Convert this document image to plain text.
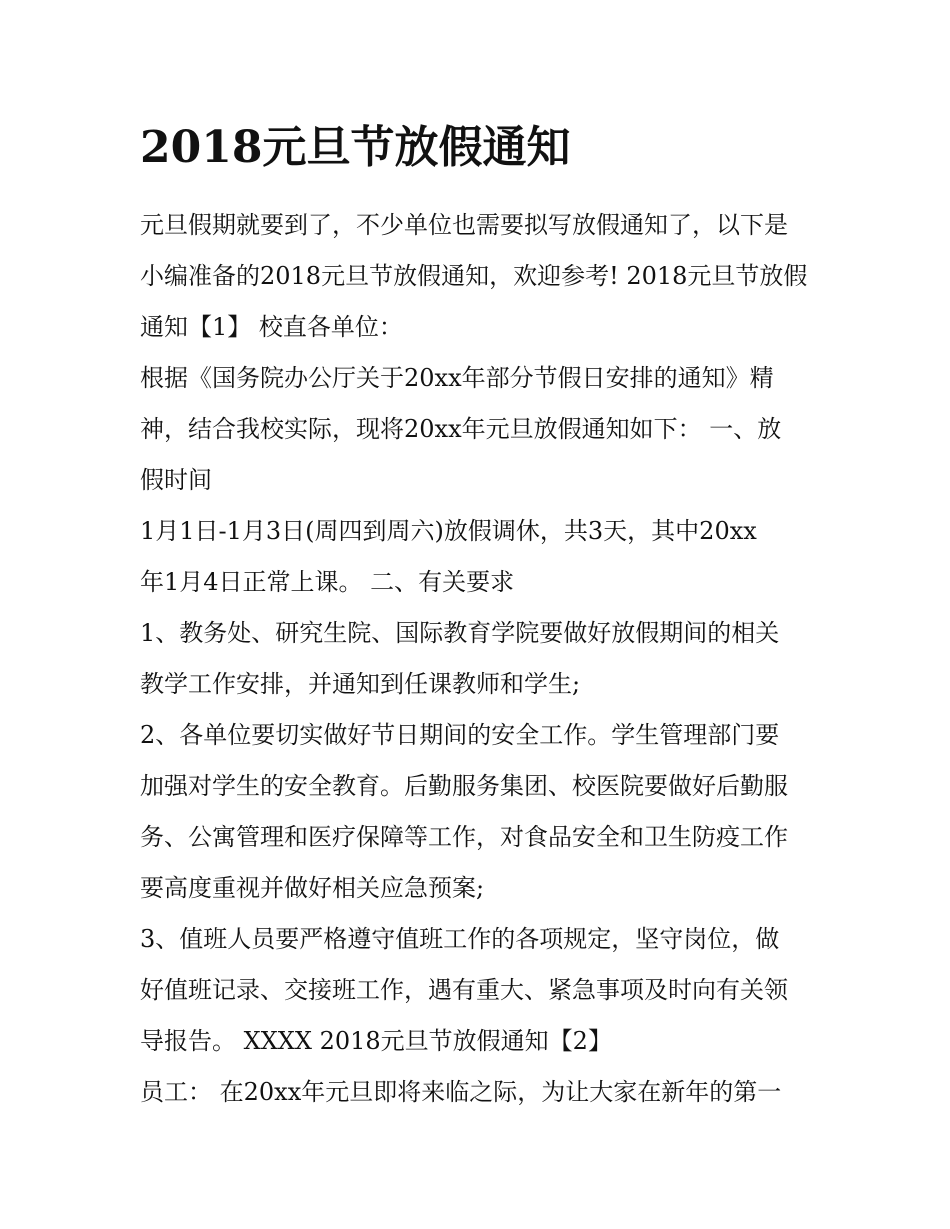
2018元旦节放假通知

元旦假期就要到了，不少单位也需要拟写放假通知了，以下是
小编准备的2018元旦节放假通知，欢迎参考! 2018元旦节放假
通知【1】 校直各单位：

根据《国务院办公厅关于20xx年部分节假日安排的通知》精
神，结合我校实际，现将20xx年元旦放假通知如下： 一、放
假时间

1月1日-1月3日(周四到周六)放假调休，共3天，其中20xx
年1月4日正常上课。 二、有关要求

1、教务处、研究生院、国际教育学院要做好放假期间的相关
教学工作安排，并通知到任课教师和学生;

2、各单位要切实做好节日期间的安全工作。学生管理部门要
加强对学生的安全教育。后勤服务集团、校医院要做好后勤服
务、公寓管理和医疗保障等工作，对食品安全和卫生防疫工作
要高度重视并做好相关应急预案;

3、值班人员要严格遵守值班工作的各项规定，坚守岗位，做
好值班记录、交接班工作，遇有重大、紧急事项及时向有关领
导报告。 XXXX 2018元旦节放假通知【2】

员工： 在20xx年元旦即将来临之际，为让大家在新年的第一
